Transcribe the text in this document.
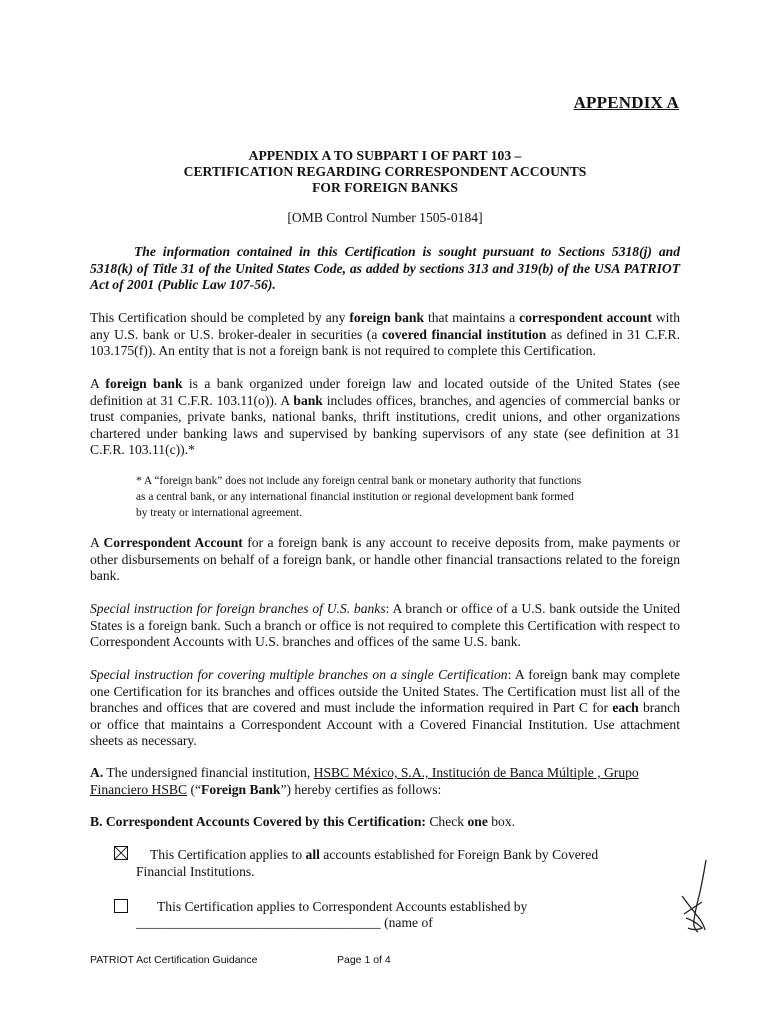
APPENDIX A
APPENDIX A TO SUBPART I OF PART 103 –
CERTIFICATION REGARDING CORRESPONDENT ACCOUNTS
FOR FOREIGN BANKS
[OMB Control Number 1505-0184]
The information contained in this Certification is sought pursuant to Sections 5318(j) and 5318(k) of Title 31 of the United States Code, as added by sections 313 and 319(b) of the USA PATRIOT Act of 2001 (Public Law 107-56).
This Certification should be completed by any foreign bank that maintains a correspondent account with any U.S. bank or U.S. broker-dealer in securities (a covered financial institution as defined in 31 C.F.R. 103.175(f)). An entity that is not a foreign bank is not required to complete this Certification.
A foreign bank is a bank organized under foreign law and located outside of the United States (see definition at 31 C.F.R. 103.11(o)). A bank includes offices, branches, and agencies of commercial banks or trust companies, private banks, national banks, thrift institutions, credit unions, and other organizations chartered under banking laws and supervised by banking supervisors of any state (see definition at 31 C.F.R. 103.11(c)).*
* A “foreign bank” does not include any foreign central bank or monetary authority that functions
as a central bank, or any international financial institution or regional development bank formed
by treaty or international agreement.
A Correspondent Account for a foreign bank is any account to receive deposits from, make payments or other disbursements on behalf of a foreign bank, or handle other financial transactions related to the foreign bank.
Special instruction for foreign branches of U.S. banks: A branch or office of a U.S. bank outside the United States is a foreign bank. Such a branch or office is not required to complete this Certification with respect to Correspondent Accounts with U.S. branches and offices of the same U.S. bank.
Special instruction for covering multiple branches on a single Certification: A foreign bank may complete one Certification for its branches and offices outside the United States. The Certification must list all of the branches and offices that are covered and must include the information required in Part C for each branch or office that maintains a Correspondent Account with a Covered Financial Institution. Use attachment sheets as necessary.
A. The undersigned financial institution, HSBC México, S.A., Institución de Banca Múltiple , Grupo Financiero HSBC (“Foreign Bank”) hereby certifies as follows:
B. Correspondent Accounts Covered by this Certification: Check one box.
This Certification applies to all accounts established for Foreign Bank by Covered
Financial Institutions.
This Certification applies to Correspondent Accounts established by
____________________________________ (name of
PATRIOT Act Certification Guidance	Page 1 of 4
